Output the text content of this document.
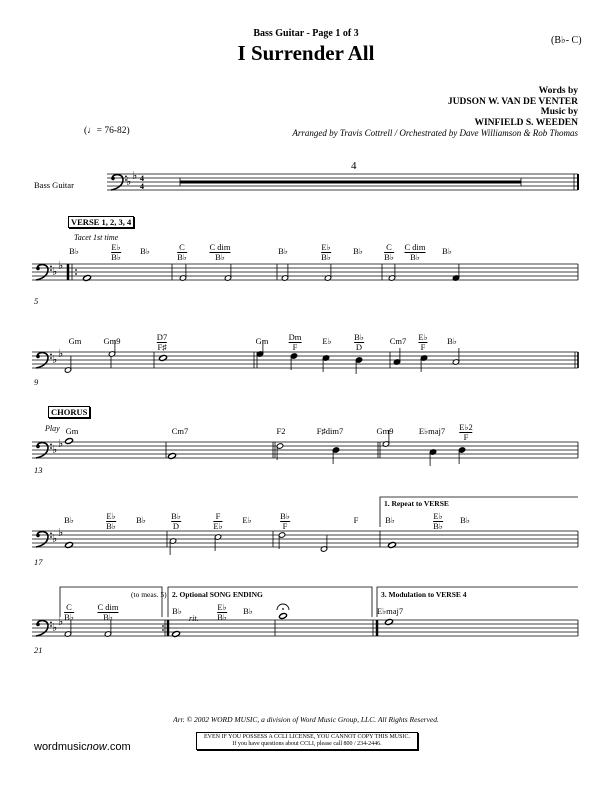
♭ ♭ 4
4
♭ ♭
♭ ♭
♭ ♭
♭ ♭
♭ ♭
Bass Guitar - Page 1 of 3
I Surrender All
(B♭- C)
Words by
JUDSON W. VAN DE VENTER
Music by
WINFIELD S. WEEDEN
Arranged by Travis Cottrell / Orchestrated by Dave Williamson & Rob Thomas
(♩= 76-82)
Bass Guitar
4
VERSE 1, 2, 3, 4
Tacet 1st time
CHORUS
Play
5
9
13
17
21
1. Repeat to VERSE
(to meas. 5) 2. Optional SONG ENDING	3. Modulation to VERSE 4
rit.
B♭	E♭
B♭
B♭	C
B♭
C dim
B♭
B♭	E♭
B♭
B♭	C
B♭
C dim
B♭
B♭
Gm	Gm9	D7
F♯
Gm Dm
F
E♭	B♭
D
Cm7 E♭
F
B♭
Gm	Cm7	F2	F♯dim7	Gm9	E♭maj7 E♭2
F
B♭	E♭
B♭
B♭	B♭
D
F
E♭
E♭	B♭
F
F	B♭	E♭
B♭
B♭
C
B♭
C dim
B♭
B♭	E♭
B♭
B♭	E♭maj7
Arr. © 2002 WORD MUSIC, a division of Word Music Group, LLC. All Rights Reserved.
EVEN IF YOU POSSESS A CCLI LICENSE, YOU CANNOT COPY THIS MUSIC.
If you have questions about CCLI, please call 800 / 234-2446.
wordmusicnow.com
